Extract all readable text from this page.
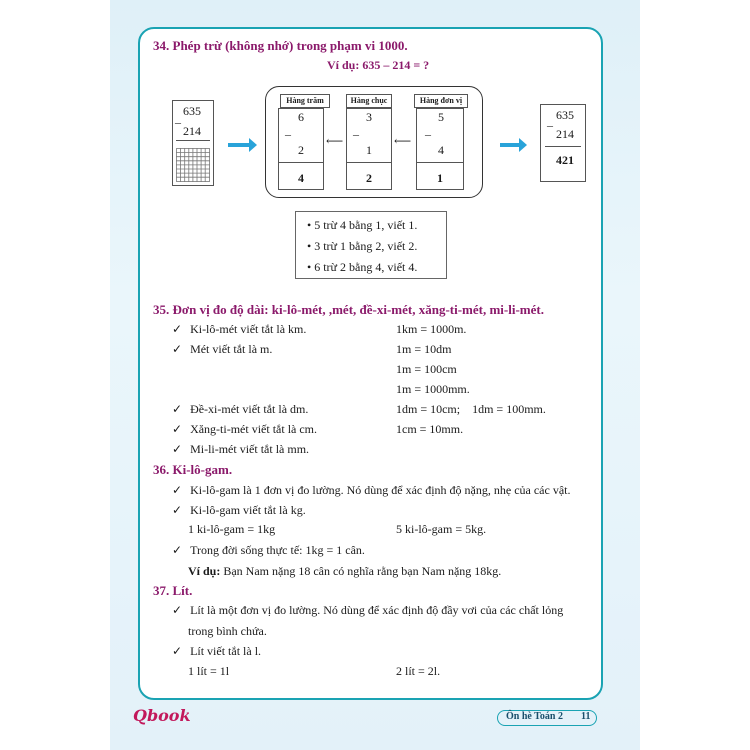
34. Phép trừ (không nhớ) trong phạm vi 1000.
Ví dụ: 635 – 214 = ?
635
–
214
Hàng trăm
6
–
2
4
⟵
Hàng chục
3
–
1
2
⟵
Hàng đơn vị
5
–
4
1
635
–
214
421
• 5 trừ 4 bằng 1, viết 1.
• 3 trừ 1 bằng 2, viết 2.
• 6 trừ 2 bằng 4, viết 4.
35. Đơn vị đo độ dài: ki-lô-mét, ,mét, đề-xi-mét, xăng-ti-mét, mi-li-mét.
✓ Ki-lô-mét viết tắt là km.	1km = 1000m.
✓ Mét viết tắt là m.	1m = 10dm
1m = 100cm
1m = 1000mm.
✓ Đề-xi-mét viết tắt là dm.	1dm = 10cm;    1dm = 100mm.
✓ Xăng-ti-mét viết tắt là cm.	1cm = 10mm.
✓ Mi-li-mét viết tắt là mm.
36. Ki-lô-gam.
✓ Ki-lô-gam là 1 đơn vị đo lường. Nó dùng để xác định độ nặng, nhẹ của các vật.
✓ Ki-lô-gam viết tắt là kg.
1 ki-lô-gam = 1kg	5 ki-lô-gam = 5kg.
✓ Trong đời sống thực tế: 1kg = 1 cân.
Ví dụ: Bạn Nam nặng 18 cân có nghĩa rằng bạn Nam nặng 18kg.
37. Lít.
✓ Lít là một đơn vị đo lường. Nó dùng để xác định độ đầy vơi của các chất lỏng
trong bình chứa.
✓ Lít viết tắt là l.
1 lít = 1l	2 lít = 2l.
Qbook	Ôn hè Toán 2 11
